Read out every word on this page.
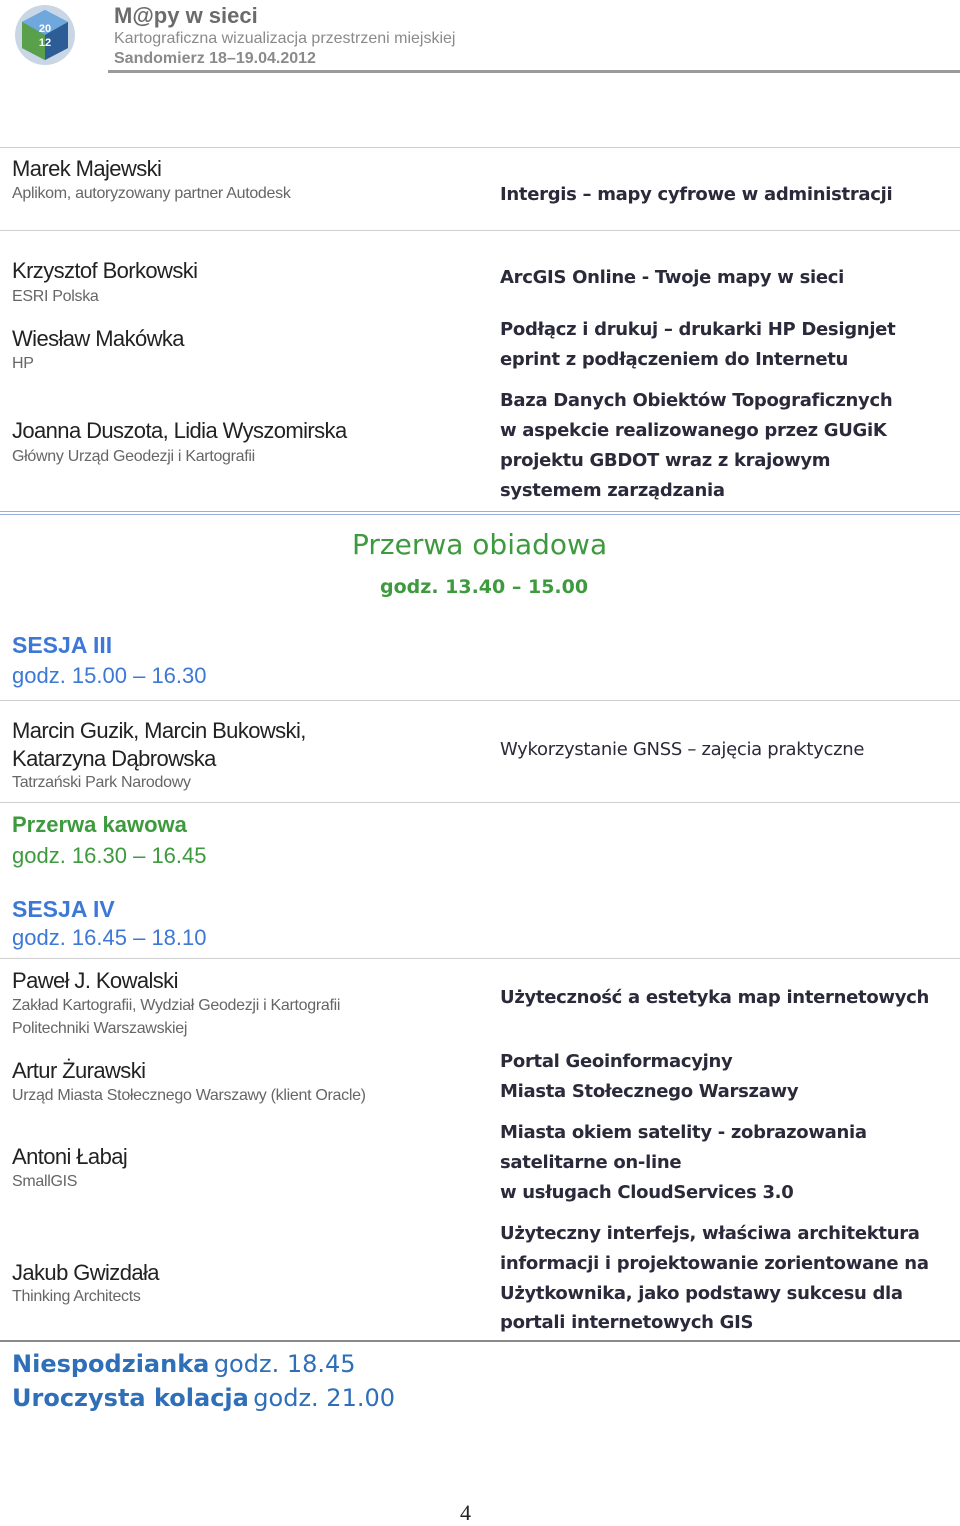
20
12
M@py w sieci
Kartograficzna wizualizacja przestrzeni miejskiej
Sandomierz 18–19.04.2012
Marek Majewski
Aplikom, autoryzowany partner Autodesk	Intergis – mapy cyfrowe w administracji
Krzysztof Borkowski
ESRI Polska
Wiesław Makówka
HP
Joanna Duszota, Lidia Wyszomirska
Główny Urząd Geodezji i Kartografii
ArcGIS Online - Twoje mapy w sieci
Podłącz i drukuj – drukarki HP Designjet
eprint z podłączeniem do Internetu
Baza Danych Obiektów Topograficznych
w aspekcie realizowanego przez GUGiK
projektu GBDOT wraz z krajowym
systemem zarządzania
Przerwa obiadowa
godz. 13.40 – 15.00
SESJA III
godz. 15.00 – 16.30
Marcin Guzik, Marcin Bukowski,
Katarzyna Dąbrowska
Tatrzański Park Narodowy
Wykorzystanie GNSS – zajęcia praktyczne
Przerwa kawowa
godz. 16.30 – 16.45
SESJA IV
godz. 16.45 – 18.10
Paweł J. Kowalski
Zakład Kartografii, Wydział Geodezji i Kartografii
Politechniki Warszawskiej
Artur Żurawski
Urząd Miasta Stołecznego Warszawy (klient Oracle)
Antoni Łabaj
SmallGIS
Jakub Gwizdała
Thinking Architects
Użyteczność a estetyka map internetowych
Portal Geoinformacyjny
Miasta Stołecznego Warszawy
Miasta okiem satelity - zobrazowania
satelitarne on-line
w usługach CloudServices 3.0
Użyteczny interfejs, właściwa architektura
informacji i projektowanie zorientowane na
Użytkownika, jako podstawy sukcesu dla
portali internetowych GIS
Niespodzianka godz. 18.45
Uroczysta kolacja godz. 21.00
4
